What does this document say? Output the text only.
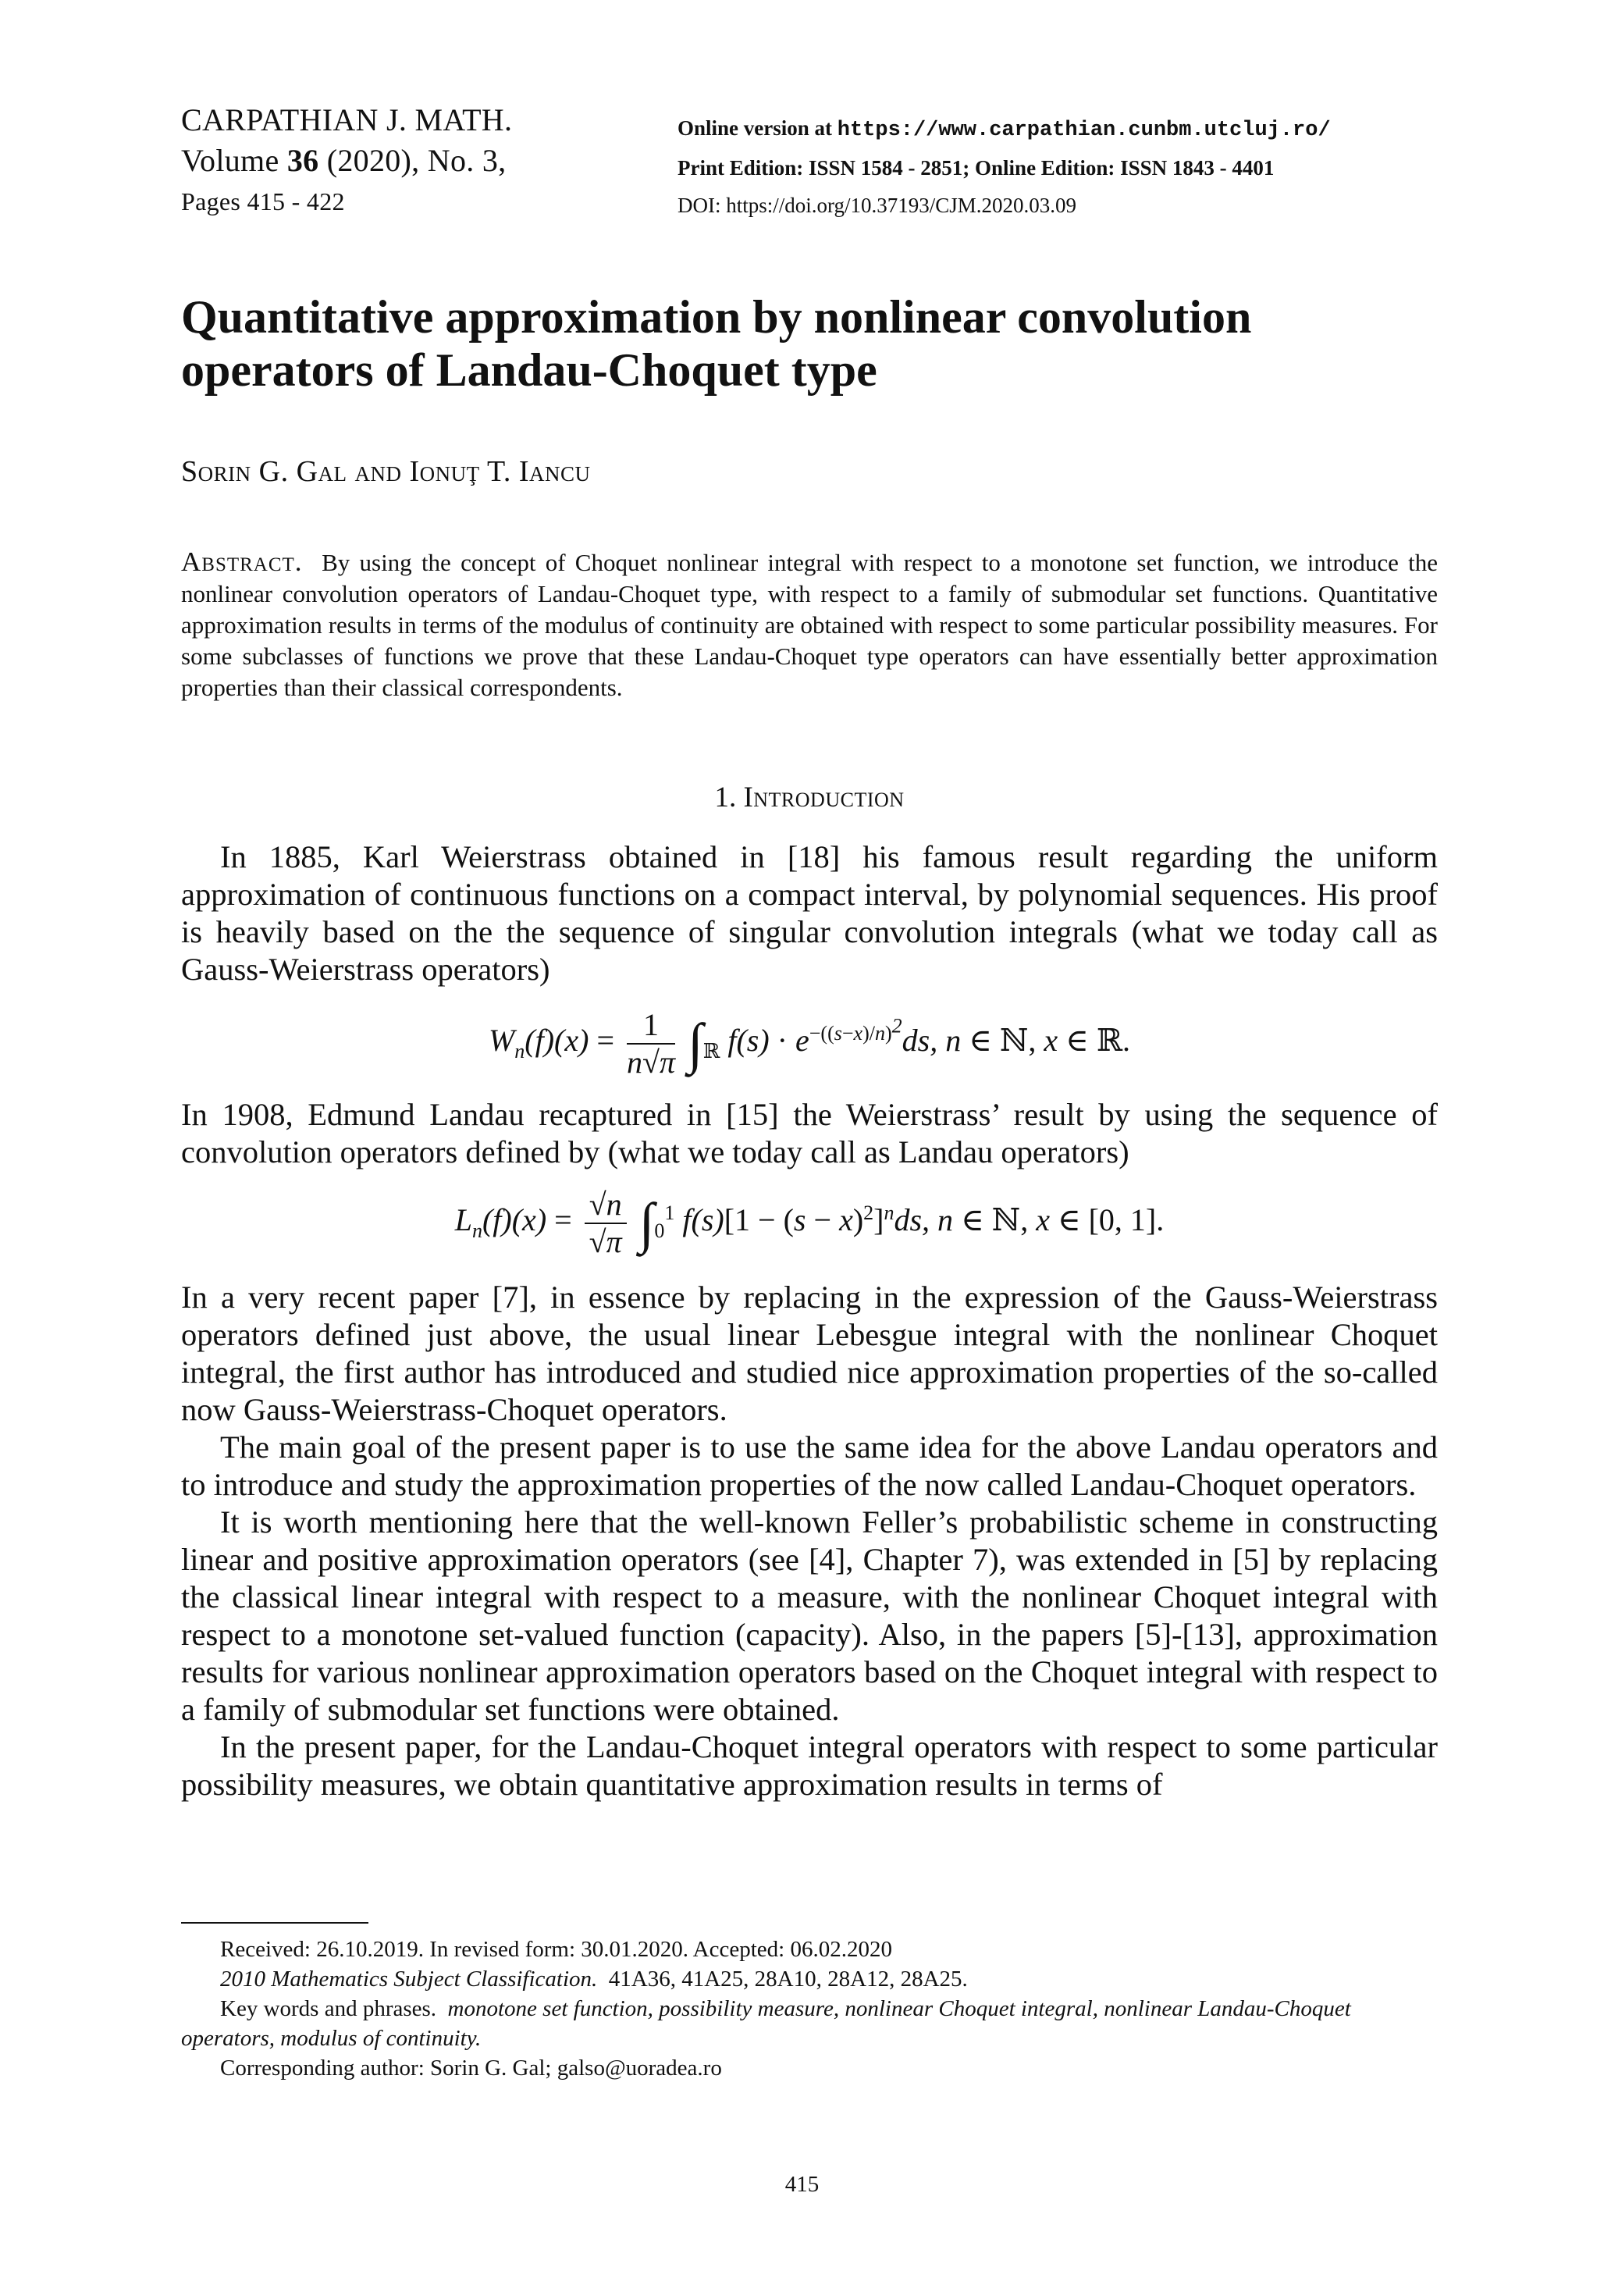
CARPATHIAN J. MATH.
Volume 36 (2020), No. 3,
Pages 415 - 422
Online version at https://www.carpathian.cunbm.utcluj.ro/
Print Edition: ISSN 1584 - 2851; Online Edition: ISSN 1843 - 4401
DOI: https://doi.org/10.37193/CJM.2020.03.09
Quantitative approximation by nonlinear convolution
operators of Landau-Choquet type
Sorin G. Gal and Ionuţ T. Iancu
Abstract. By using the concept of Choquet nonlinear integral with respect to a monotone set function, we introduce the nonlinear convolution operators of Landau-Choquet type, with respect to a family of submodular set functions. Quantitative approximation results in terms of the modulus of continuity are obtained with respect to some particular possibility measures. For some subclasses of functions we prove that these Landau-Choquet type operators can have essentially better approximation properties than their classical correspondents.
1. Introduction

In 1885, Karl Weierstrass obtained in [18] his famous result regarding the uniform approximation of continuous functions on a compact interval, by polynomial sequences. His proof is heavily based on the the sequence of singular convolution integrals (what we today call as Gauss-Weierstrass operators)

$W_n(f)(x) = \frac{1}{n√\pi} \int_ℝ$ $f(s) \cdot e^{-((s-x)/n)^2}ds$, n ∈ ℕ, x ∈ ℝ.

In 1908, Edmund Landau recaptured in [15] the Weierstrass’ result by using the sequence of convolution operators defined by (what we today call as Landau operators)

$L_n(f)(x) = \frac{√n}{√\pi} \int_0^1$ $f(s)[1 - (s - x)^2]^nds$, n ∈ ℕ, x ∈ [0, 1].

In a very recent paper [7], in essence by replacing in the expression of the Gauss-Weierstrass operators defined just above, the usual linear Lebesgue integral with the nonlinear Choquet integral, the first author has introduced and studied nice approximation properties of the so-called now Gauss-Weierstrass-Choquet operators.

The main goal of the present paper is to use the same idea for the above Landau operators and to introduce and study the approximation properties of the now called Landau-Choquet operators.

It is worth mentioning here that the well-known Feller’s probabilistic scheme in constructing linear and positive approximation operators (see [4], Chapter 7), was extended in [5] by replacing the classical linear integral with respect to a measure, with the nonlinear Choquet integral with respect to a monotone set-valued function (capacity). Also, in the papers [5]-[13], approximation results for various nonlinear approximation operators based on the Choquet integral with respect to a family of submodular set functions were obtained.

In the present paper, for the Landau-Choquet integral operators with respect to some particular possibility measures, we obtain quantitative approximation results in terms of

Received: 26.10.2019. In revised form: 30.01.2020. Accepted: 06.02.2020

2010 Mathematics Subject Classification. 41A36, 41A25, 28A10, 28A12, 28A25.

Key words and phrases. monotone set function, possibility measure, nonlinear Choquet integral, nonlinear Landau-Choquet operators, modulus of continuity.

Corresponding author: Sorin G. Gal; galso@uoradea.ro

415
